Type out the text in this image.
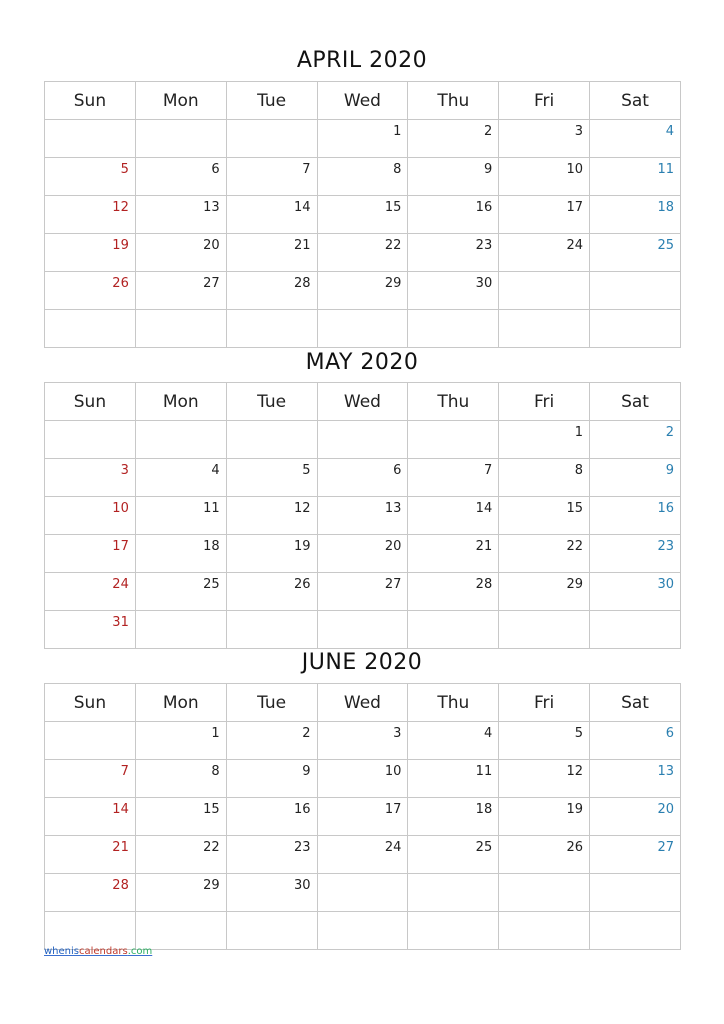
APRIL 2020
Sun	Mon	Tue	Wed	Thu	Fri	Sat
			1	2	3	4
5	6	7	8	9	10	11
12	13	14	15	16	17	18
19	20	21	22	23	24	25
26	27	28	29	30		

MAY 2020
Sun	Mon	Tue	Wed	Thu	Fri	Sat
					1	2
3	4	5	6	7	8	9
10	11	12	13	14	15	16
17	18	19	20	21	22	23
24	25	26	27	28	29	30
31						
JUNE 2020
Sun	Mon	Tue	Wed	Thu	Fri	Sat
	1	2	3	4	5	6
7	8	9	10	11	12	13
14	15	16	17	18	19	20
21	22	23	24	25	26	27
28	29	30				

wheniscalendars.com
